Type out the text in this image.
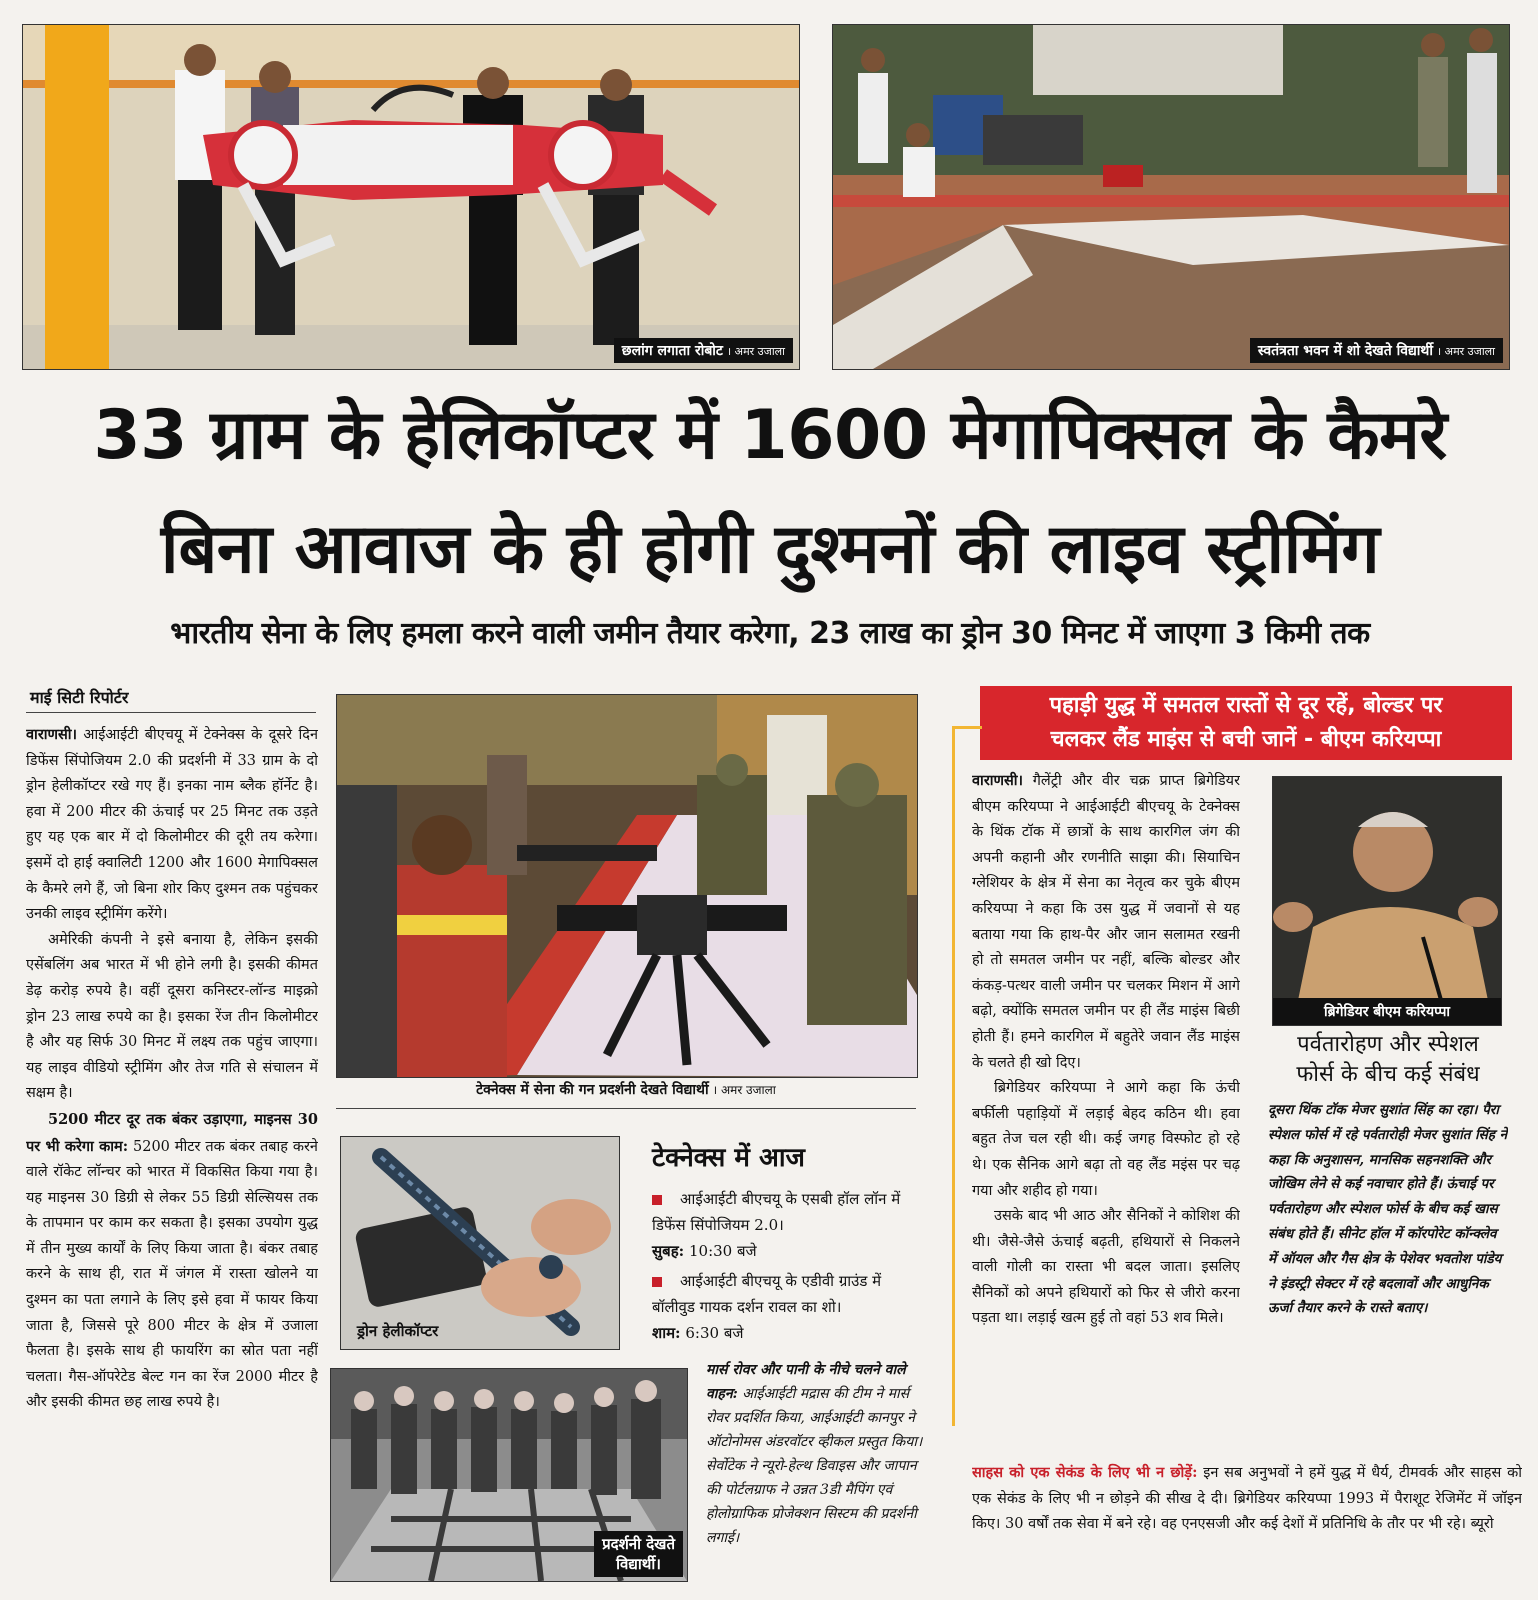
छलांग लगाता रोबोट । अमर उजाला	स्वतंत्रता भवन में शो देखते विद्यार्थी । अमर उजाला
33 ग्राम के हेलिकॉप्टर में 1600 मेगापिक्सल के कैमरे
बिना आवाज के ही होगी दुश्मनों की लाइव स्ट्रीमिंग
भारतीय सेना के लिए हमला करने वाली जमीन तैयार करेगा, 23 लाख का ड्रोन 30 मिनट में जाएगा 3 किमी तक
माई सिटी रिपोर्टर

वाराणसी। आईआईटी बीएचयू में टेक्नेक्स के दूसरे दिन डिफेंस सिंपोजियम 2.0 की प्रदर्शनी में 33 ग्राम के दो ड्रोन हेलीकॉप्टर रखे गए हैं। इनका नाम ब्लैक हॉर्नेट है। हवा में 200 मीटर की ऊंचाई पर 25 मिनट तक उड़ते हुए यह एक बार में दो किलोमीटर की दूरी तय करेगा। इसमें दो हाई क्वालिटी 1200 और 1600 मेगापिक्सल के कैमरे लगे हैं, जो बिना शोर किए दुश्मन तक पहुंचकर उनकी लाइव स्ट्रीमिंग करेंगे।

अमेरिकी कंपनी ने इसे बनाया है, लेकिन इसकी एसेंबलिंग अब भारत में भी होने लगी है। इसकी कीमत डेढ़ करोड़ रुपये है। वहीं दूसरा कनिस्टर-लॉन्ड माइक्रो ड्रोन 23 लाख रुपये का है। इसका रेंज तीन किलोमीटर है और यह सिर्फ 30 मिनट में लक्ष्य तक पहुंच जाएगा। यह लाइव वीडियो स्ट्रीमिंग और तेज गति से संचालन में सक्षम है।

5200 मीटर दूर तक बंकर उड़ाएगा, माइनस 30 पर भी करेगा काम: 5200 मीटर तक बंकर तबाह करने वाले रॉकेट लॉन्चर को भारत में विकसित किया गया है। यह माइनस 30 डिग्री से लेकर 55 डिग्री सेल्सियस तक के तापमान पर काम कर सकता है। इसका उपयोग युद्ध में तीन मुख्य कार्यों के लिए किया जाता है। बंकर तबाह करने के साथ ही, रात में जंगल में रास्ता खोलने या दुश्मन का पता लगाने के लिए इसे हवा में फायर किया जाता है, जिससे पूरे 800 मीटर के क्षेत्र में उजाला फैलता है। इसके साथ ही फायरिंग का स्रोत पता नहीं चलता। गैस-ऑपरेटेड बेल्ट गन का रेंज 2000 मीटर है और इसकी कीमत छह लाख रुपये है।

टेक्नेक्स में सेना की गन प्रदर्शनी देखते विद्यार्थी । अमर उजाला
ड्रोन हेलीकॉप्टर
टेक्नेक्स में आज
आईआईटी बीएचयू के एसबी हॉल लॉन में डिफेंस सिंपोजियम 2.0।
सुबह: 10:30 बजे
आईआईटी बीएचयू के एडीवी ग्राउंड में बॉलीवुड गायक दर्शन रावल का शो।
शाम: 6:30 बजे
प्रदर्शनी देखते
विद्यार्थी।
मार्स रोवर और पानी के नीचे चलने वाले वाहन: आईआईटी मद्रास की टीम ने मार्स रोवर प्रदर्शित किया, आईआईटी कानपुर ने ऑटोनोमस अंडरवॉटर व्हीकल प्रस्तुत किया। सेर्वोटेक ने न्यूरो-हेल्थ डिवाइस और जापान की पोर्टलग्राफ ने उन्नत 3डी मैपिंग एवं होलोग्राफिक प्रोजेक्शन सिस्टम की प्रदर्शनी लगाई।
पहाड़ी युद्ध में समतल रास्तों से दूर रहें, बोल्डर पर
चलकर लैंड माइंस से बची जानें - बीएम करियप्पा

वाराणसी। गैलेंट्री और वीर चक्र प्राप्त ब्रिगेडियर बीएम करियप्पा ने आईआईटी बीएचयू के टेक्नेक्स के थिंक टॉक में छात्रों के साथ कारगिल जंग की अपनी कहानी और रणनीति साझा की। सियाचिन ग्लेशियर के क्षेत्र में सेना का नेतृत्व कर चुके बीएम करियप्पा ने कहा कि उस युद्ध में जवानों से यह बताया गया कि हाथ-पैर और जान सलामत रखनी हो तो समतल जमीन पर नहीं, बल्कि बोल्डर और कंकड़-पत्थर वाली जमीन पर चलकर मिशन में आगे बढ़ो, क्योंकि समतल जमीन पर ही लैंड माइंस बिछी होती हैं। हमने कारगिल में बहुतेरे जवान लैंड माइंस के चलते ही खो दिए।

ब्रिगेडियर करियप्पा ने आगे कहा कि ऊंची बर्फीली पहाड़ियों में लड़ाई बेहद कठिन थी। हवा बहुत तेज चल रही थी। कई जगह विस्फोट हो रहे थे। एक सैनिक आगे बढ़ा तो वह लैंड मइंस पर चढ़ गया और शहीद हो गया।

उसके बाद भी आठ और सैनिकों ने कोशिश की थी। जैसे-जैसे ऊंचाई बढ़ती, हथियारों से निकलने वाली गोली का रास्ता भी बदल जाता। इसलिए सैनिकों को अपने हथियारों को फिर से जीरो करना पड़ता था। लड़ाई खत्म हुई तो वहां 53 शव मिले।

साहस को एक सेकंड के लिए भी न छोड़ें: इन सब अनुभवों ने हमें युद्ध में धैर्य, टीमवर्क और साहस को एक सेकंड के लिए भी न छोड़ने की सीख दे दी। ब्रिगेडियर करियप्पा 1993 में पैराशूट रेजिमेंट में जॉइन किए। 30 वर्षों तक सेवा में बने रहे। वह एनएसजी और कई देशों में प्रतिनिधि के तौर पर भी रहे। ब्यूरो

ब्रिगेडियर बीएम करियप्पा
पर्वतारोहण और स्पेशल
फोर्स के बीच कई संबंध
दूसरा थिंक टॉक मेजर सुशांत सिंह का रहा। पैरा स्पेशल फोर्स में रहे पर्वतारोही मेजर सुशांत सिंह ने कहा कि अनुशासन, मानसिक सहनशक्ति और जोखिम लेने से कई नवाचार होते हैं। ऊंचाई पर पर्वतारोहण और स्पेशल फोर्स के बीच कई खास संबंध होते हैं। सीनेट हॉल में कॉरपोरेट कॉन्क्लेव में ऑयल और गैस क्षेत्र के पेशेवर भवतोश पांडेय ने इंडस्ट्री सेक्टर में रहे बदलावों और आधुनिक ऊर्जा तैयार करने के रास्ते बताए।
